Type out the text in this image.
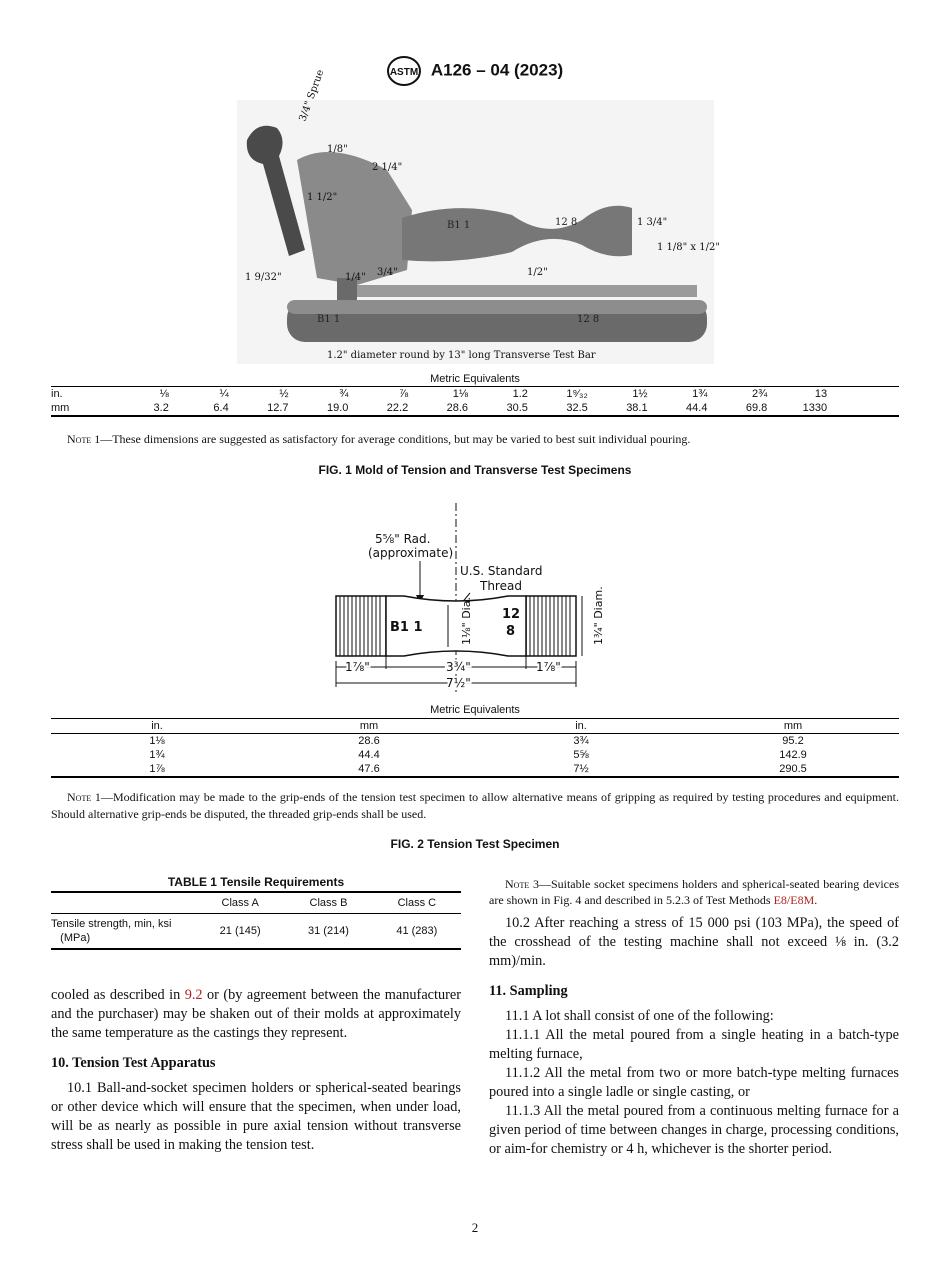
ASTM A126 – 04 (2023)
3/4" Sprue
1/8"
2 1/4"
1 1/2"
1 3/4"
B1 1	12 8
1 1/8" x 1/2"
1/2"
3/4"
1 9/32"	1/4"
B1 1	12 8
1.2" diameter round by 13" long Transverse Test Bar
Metric Equivalents
in.	⅛	¼	½	¾	⅞	1⅛	1.2	1⁹⁄₃₂	1½	1¾	2¾	13
mm	3.2	6.4	12.7	19.0	22.2	28.6	30.5	32.5	38.1	44.4	69.8	1330
Note 1—These dimensions are suggested as satisfactory for average conditions, but may be varied to best suit individual pouring.
FIG. 1 Mold of Tension and Transverse Test Specimens
5⅝" Rad.
(approximate)
U.S. Standard
Thread
B1 1
12
8
1⅛" Dia.	1¾" Diam.
1⅞"	3¾"	1⅞"
7½"
Metric Equivalents
in.	mm	in.	mm
1⅛	28.6	3¾	95.2
1¾	44.4	5⅝	142.9
1⅞	47.6	7½	290.5
Note 1—Modification may be made to the grip-ends of the tension test specimen to allow alternative means of gripping as required by testing procedures and equipment. Should alternative grip-ends be disputed, the threaded grip-ends shall be used.
FIG. 2 Tension Test Specimen
TABLE 1 Tensile Requirements
Class A	Class B	Class C
Tensile strength, min, ksi
(MPa)
21 (145)	31 (214)	41 (283)
cooled as described in 9.2 or (by agreement between the manufacturer and the purchaser) may be shaken out of their molds at approximately the same temperature as the castings they represent.
10. Tension Test Apparatus
10.1 Ball-and-socket specimen holders or spherical-seated bearings or other device which will ensure that the specimen, when under load, will be as nearly as possible in pure axial tension without transverse stress shall be used in making the tension test.
Note 3—Suitable socket specimens holders and spherical-seated bearing devices are shown in Fig. 4 and described in 5.2.3 of Test Methods E8/E8M.
10.2 After reaching a stress of 15 000 psi (103 MPa), the speed of the crosshead of the testing machine shall not exceed ⅛ in. (3.2 mm)/min.
11. Sampling
11.1 A lot shall consist of one of the following:
11.1.1 All the metal poured from a single heating in a batch-type melting furnace,
11.1.2 All the metal from two or more batch-type melting furnaces poured into a single ladle or single casting, or
11.1.3 All the metal poured from a continuous melting furnace for a given period of time between changes in charge, processing conditions, or aim-for chemistry or 4 h, whichever is the shorter period.
2
